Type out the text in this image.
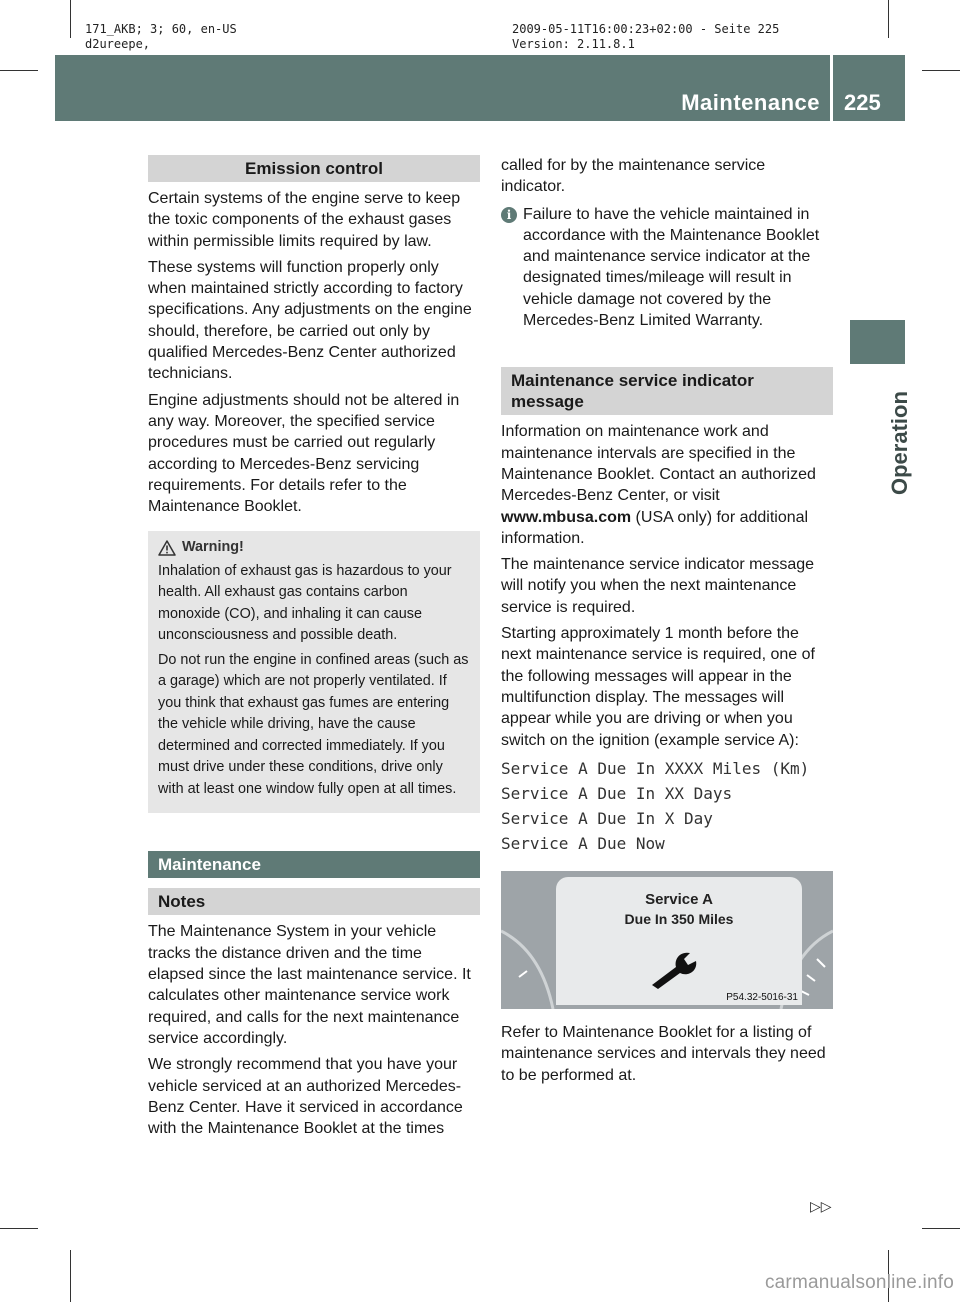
171_AKB; 3; 60, en-US
d2ureepe,
2009-05-11T16:00:23+02:00 - Seite 225
Version: 2.11.8.1
Maintenance 225
Operation
Emission control

Certain systems of the engine serve to keep the toxic components of the exhaust gases within permissible limits required by law.

These systems will function properly only when maintained strictly according to factory specifications. Any adjustments on the engine should, therefore, be carried out only by qualified Mercedes-Benz Center authorized technicians.

Engine adjustments should not be altered in any way. Moreover, the specified service procedures must be carried out regularly according to Mercedes-Benz servicing requirements. For details refer to the Maintenance Booklet.

Warning!

Inhalation of exhaust gas is hazardous to your health. All exhaust gas contains carbon monoxide (CO), and inhaling it can cause unconsciousness and possible death.

Do not run the engine in confined areas (such as a garage) which are not properly ventilated. If you think that exhaust gas fumes are entering the vehicle while driving, have the cause determined and corrected immediately. If you must drive under these conditions, drive only with at least one window fully open at all times.

Maintenance
Notes

The Maintenance System in your vehicle tracks the distance driven and the time elapsed since the last maintenance service. It calculates other maintenance service work required, and calls for the next maintenance service accordingly.

We strongly recommend that you have your vehicle serviced at an authorized Mercedes-Benz Center. Have it serviced in accordance with the Maintenance Booklet at the times

called for by the maintenance service indicator.

i Failure to have the vehicle maintained in accordance with the Maintenance Booklet and maintenance service indicator at the designated times/mileage will result in vehicle damage not covered by the Mercedes-Benz Limited Warranty.
Maintenance service indicator message

Information on maintenance work and maintenance intervals are specified in the Maintenance Booklet. Contact an authorized Mercedes-Benz Center, or visit www.mbusa.com (USA only) for additional information.

The maintenance service indicator message will notify you when the next maintenance service is required.

Starting approximately 1 month before the next maintenance service is required, one of the following messages will appear in the multifunction display. The messages will appear while you are driving or when you switch on the ignition (example service A):

Service A Due In XXXX Miles (Km)
Service A Due In XX Days
Service A Due In X Day
Service A Due Now
Service A
Due In 350 Miles
P54.32-5016-31

Refer to Maintenance Booklet for a listing of maintenance services and intervals they need to be performed at.

▷▷
carmanualsonline.info
